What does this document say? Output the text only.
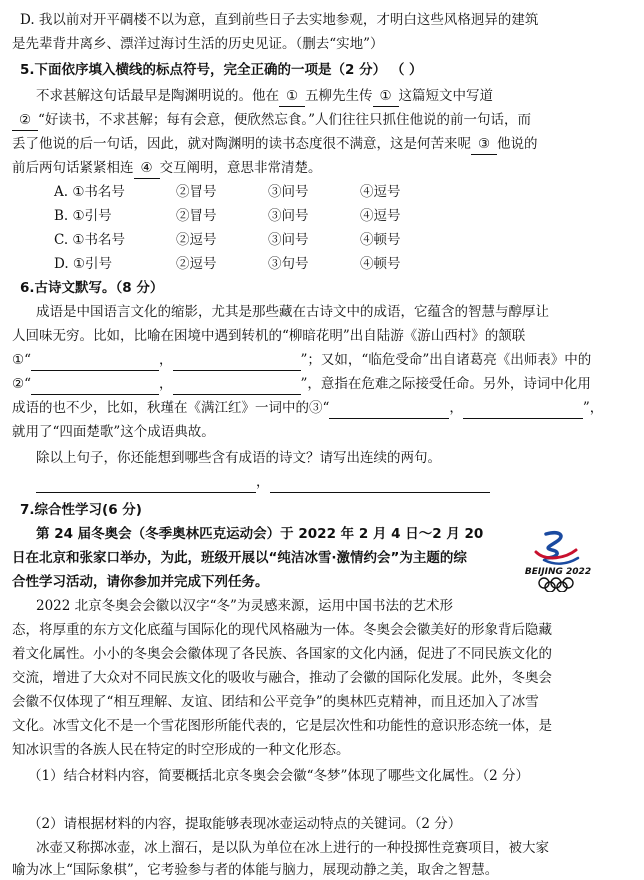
D. 我以前对开平碉楼不以为意，直到前些日子去实地参观，才明白这些风格迥异的建筑
是先辈背井离乡、漂洋过海讨生活的历史见证。（删去“实地”）
5.下面依序填入横线的标点符号，完全正确的一项是（2 分） （ ）
不求甚解这句话最早是陶渊明说的。他在 ① 五柳先生传 ① 这篇短文中写道
② “好读书，不求甚解；每有会意，便欣然忘食。”人们往往只抓住他说的前一句话，而
丢了他说的后一句话，因此，就对陶渊明的读书态度很不满意，这是何苦来呢 ③ 他说的
前后两句话紧紧相连 ④ 交互阐明，意思非常清楚。
A. ①书名号	②冒号	③问号	④逗号
B. ①引号	②冒号	③问号	④逗号
C. ①书名号	②逗号	③问号	④顿号
D. ①引号	②逗号	③句号	④顿号
6.古诗文默写。（8 分）
成语是中国语言文化的缩影，尤其是那些藏在古诗文中的成语，它蕴含的智慧与醇厚让
人回味无穷。比如，比喻在困境中遇到转机的“柳暗花明”出自陆游《游山西村》的颔联
①“	，	”；又如，“临危受命”出自诸葛亮《出师表》中的
②“	，	”，意指在危难之际接受任命。另外，诗词中化用
成语的也不少，比如，秋瑾在《满江红》一词中的③“	，	”，
就用了“四面楚歌”这个成语典故。
除以上句子，你还能想到哪些含有成语的诗文？请写出连续的两句。
，
7.综合性学习(6 分)
第 24 届冬奥会（冬季奥林匹克运动会）于 2022 年 2 月 4 日～2 月 20
日在北京和张家口举办，为此，班级开展以“纯洁冰雪·激情约会”为主题的综
合性学习活动，请你参加并完成下列任务。
BEIJING 2022
2022 北京冬奥会会徽以汉字“冬”为灵感来源，运用中国书法的艺术形
态，将厚重的东方文化底蕴与国际化的现代风格融为一体。冬奥会会徽美好的形象背后隐藏
着文化属性。小小的冬奥会会徽体现了各民族、各国家的文化内涵，促进了不同民族文化的
交流，增进了大众对不同民族文化的吸收与融合，推动了会徽的国际化发展。此外，冬奥会
会徽不仅体现了“相互理解、友谊、团结和公平竞争”的奥林匹克精神，而且还加入了冰雪
文化。冰雪文化不是一个雪花图形所能代表的，它是层次性和功能性的意识形态统一体，是
知冰识雪的各族人民在特定的时空形成的一种文化形态。
（1）结合材料内容，简要概括北京冬奥会会徽“冬梦”体现了哪些文化属性。（2 分）
（2）请根据材料的内容，提取能够表现冰壶运动特点的关键词。（2 分）
冰壶又称掷冰壶，冰上溜石，是以队为单位在冰上进行的一种投掷性竞赛项目，被大家
喻为冰上“国际象棋”，它考验参与者的体能与脑力，展现动静之美，取舍之智慧。
